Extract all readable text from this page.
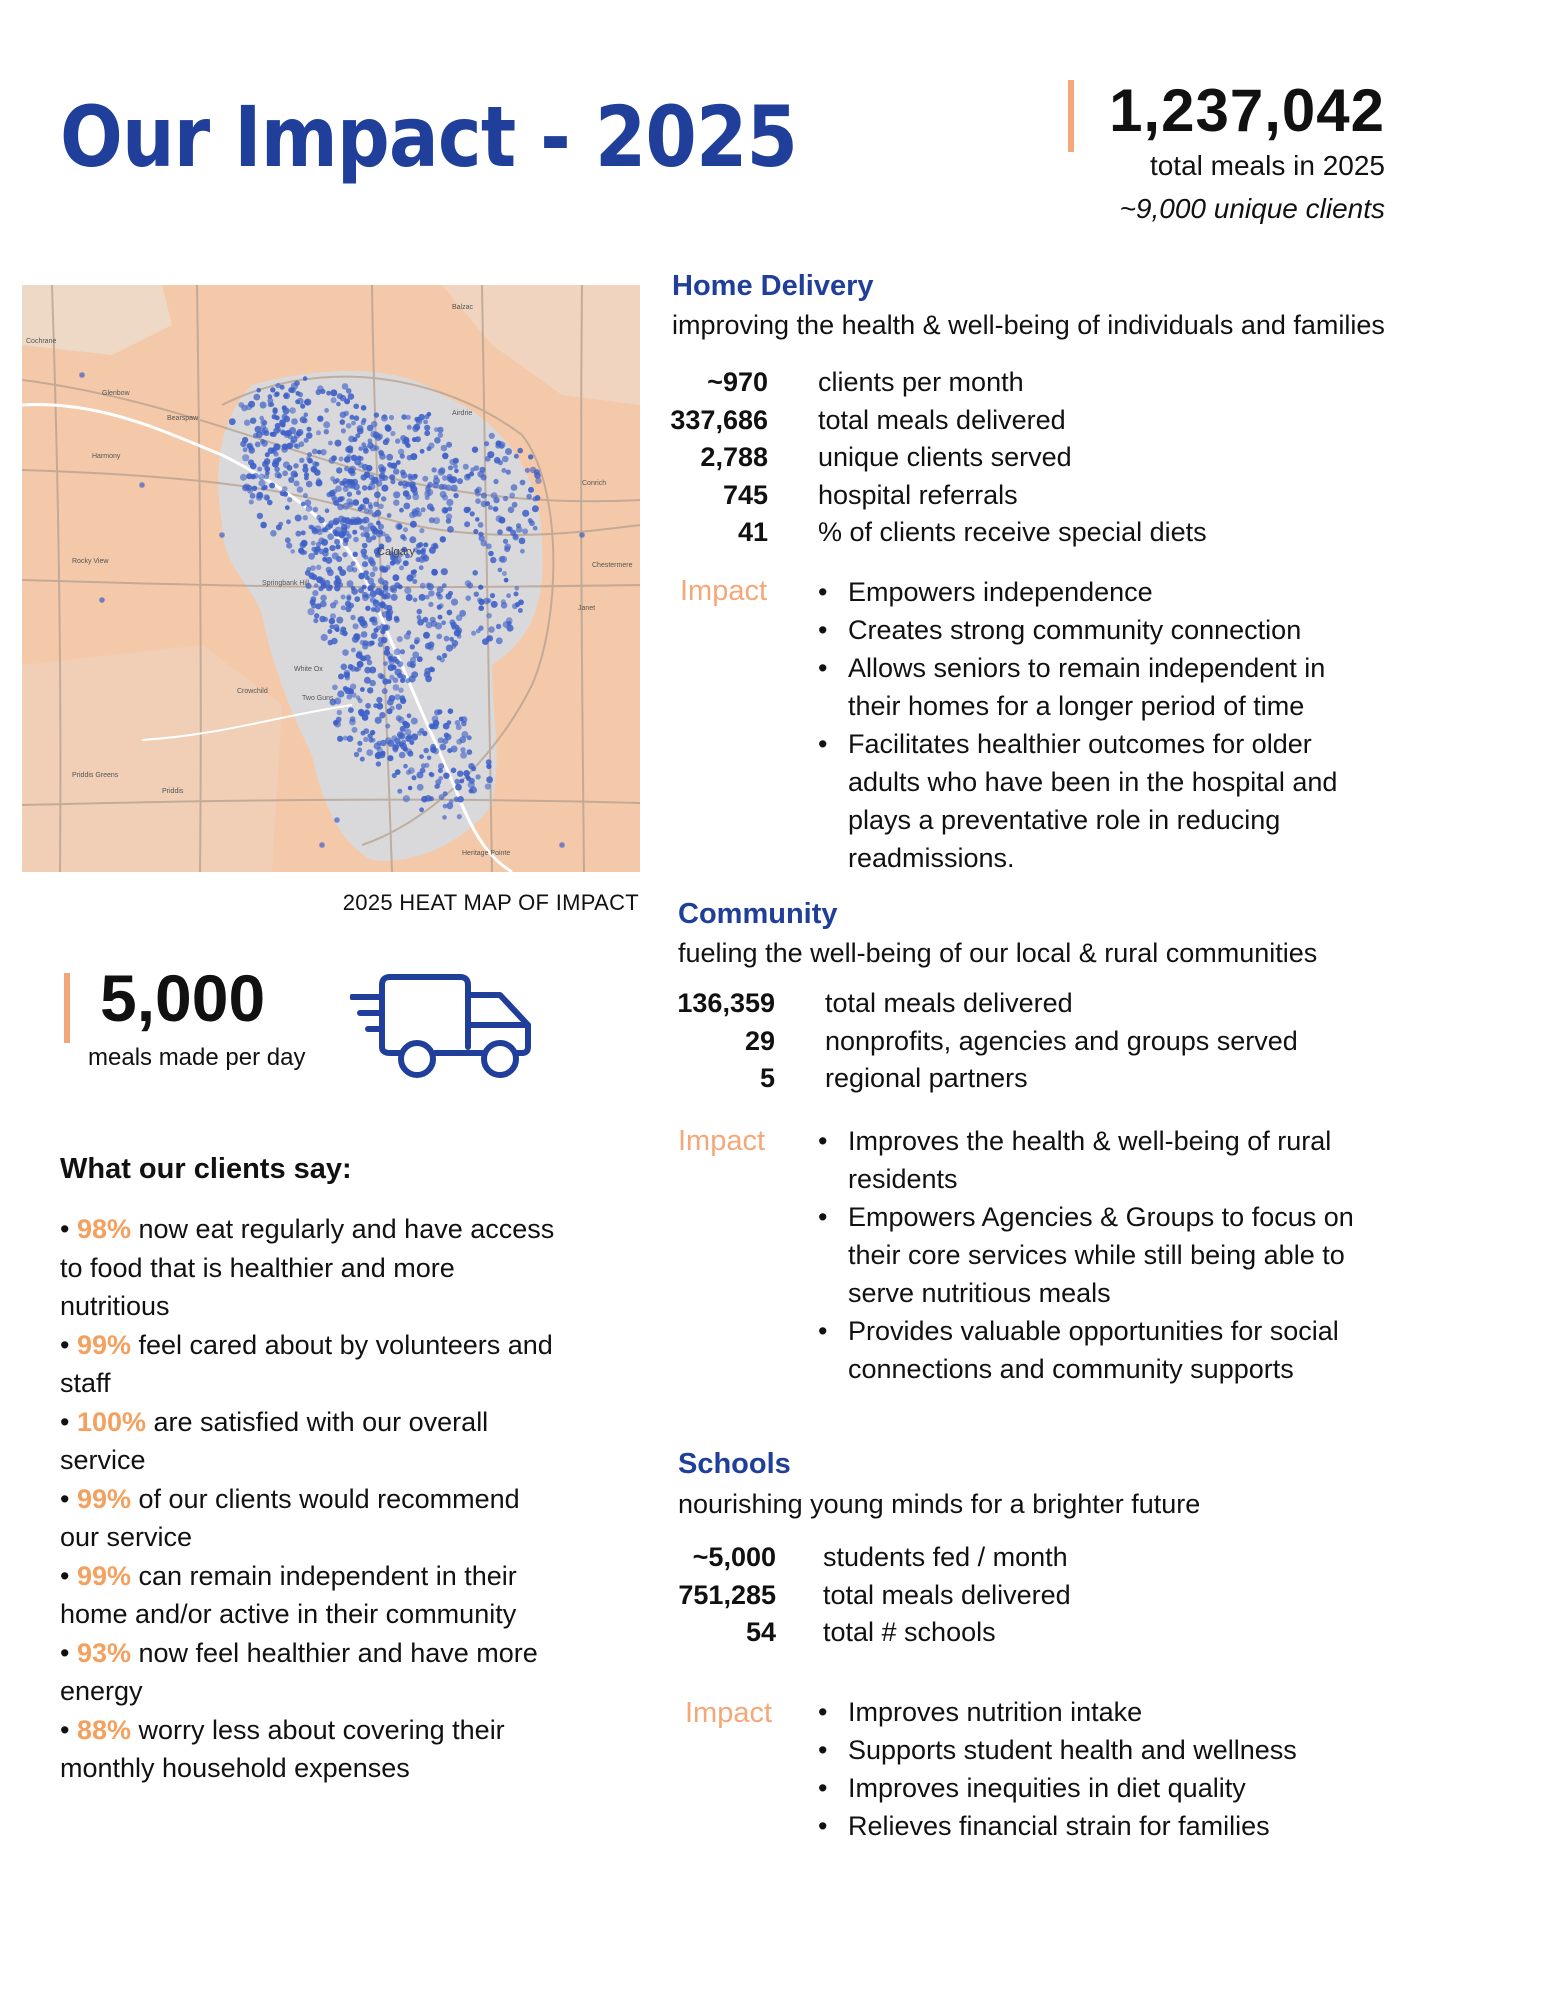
Our Impact - 2025	1,237,042
total meals in 2025
~9,000 unique clients
Cochrane
Glenbow
Bearspaw
Harmony
Calgary
Airdrie
Balzac
Conrich
Chestermere
Janet
Priddis Greens
Priddis
Crowchild
Two Guns
White Ox
Rocky View
Springbank Hill
Heritage Pointe
2025 HEAT MAP OF IMPACT
5,000
meals made per day
What our clients say:
• 98% now eat regularly and have access to food that is healthier and more nutritious
• 99% feel cared about by volunteers and staff
• 100% are satisfied with our overall service
• 99% of our clients would recommend our service
• 99% can remain independent in their home and/or active in their community
• 93% now feel healthier and have more energy
• 88% worry less about covering their monthly household expenses
Home Delivery
improving the health & well-being of individuals and families
~970 clients per month
337,686 total meals delivered
2,788 unique clients served
745 hospital referrals
41 % of clients receive special diets
Impact	• Empowers independence
• Creates strong community connection
• Allows seniors to remain independent in their homes for a longer period of time
• Facilitates healthier outcomes for older adults who have been in the hospital and plays a preventative role in reducing readmissions.
Community
fueling the well-being of our local & rural communities
136,359 total meals delivered
29 nonprofits, agencies and groups served
5 regional partners
Impact	• Improves the health & well-being of rural residents
• Empowers Agencies & Groups to focus on their core services while still being able to serve nutritious meals
• Provides valuable opportunities for social connections and community supports
Schools
nourishing young minds for a brighter future
~5,000 students fed / month
751,285 total meals delivered
54 total # schools
Impact	• Improves nutrition intake
• Supports student health and wellness
• Improves inequities in diet quality
• Relieves financial strain for families
